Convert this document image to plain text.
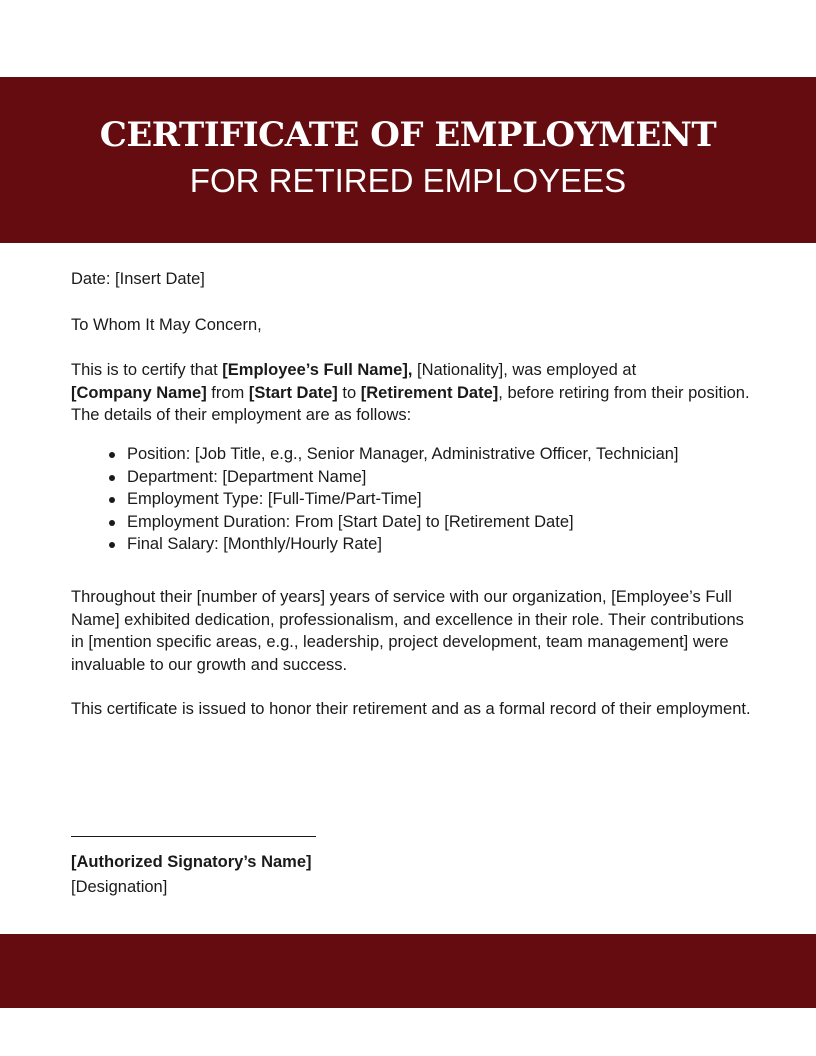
CERTIFICATE OF EMPLOYMENT
FOR RETIRED EMPLOYEES

Date: [Insert Date]

To Whom It May Concern,

This is to certify that [Employee’s Full Name], [Nationality], was employed at
[Company Name] from [Start Date] to [Retirement Date], before retiring from their position. The details of their employment are as follows:

Position: [Job Title, e.g., Senior Manager, Administrative Officer, Technician]
Department: [Department Name]
Employment Type: [Full-Time/Part-Time]
Employment Duration: From [Start Date] to [Retirement Date]
Final Salary: [Monthly/Hourly Rate]

Throughout their [number of years] years of service with our organization, [Employee’s Full Name] exhibited dedication, professionalism, and excellence in their role. Their contributions in [mention specific areas, e.g., leadership, project development, team management] were invaluable to our growth and success.

This certificate is issued to honor their retirement and as a formal record of their employment.

[Authorized Signatory’s Name]
[Designation]
